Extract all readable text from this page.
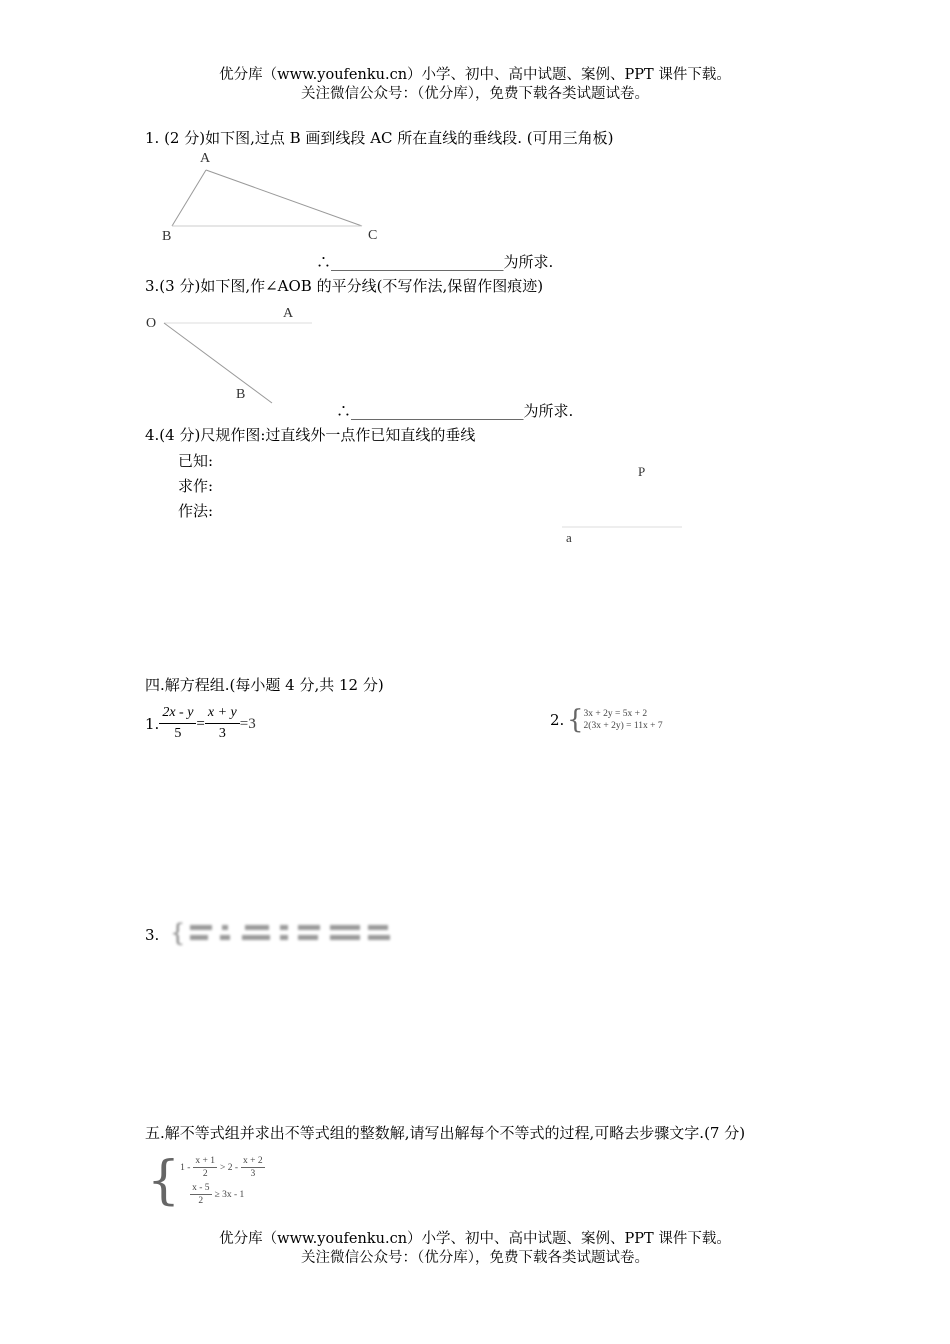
优分库（www.youfenku.cn）小学、初中、高中试题、案例、PPT 课件下载。
关注微信公众号：（优分库），免费下载各类试题试卷。
1. (2 分)如下图,过点 B 画到线段 AC 所在直线的垂线段. (可用三角板)
A
B	C
∴_______________________为所求.
3.(3 分)如下图,作∠AOB 的平分线(不写作法,保留作图痕迹)
O
A
B
∴_______________________为所求.
4.(4 分)尺规作图:过直线外一点作已知直线的垂线
已知:
求作:
作法:
P
a
四.解方程组.(每小题 4 分,共 12 分)
1. $\frac{2x - y}{5} = \frac{x + y}{3} =3$	2. { 3x + 2y = 5x + 2
2(3x + 2y) = 11x + 7
3. {
五.解不等式组并求出不等式组的整数解,请写出解每个不等式的过程,可略去步骤文字.(7 分)
{ $1 - \frac{x + 1}{2} > 2 - \frac{x + 2}{3}$
$\frac{x - 5}{2} \ge 3x - 1$
优分库（www.youfenku.cn）小学、初中、高中试题、案例、PPT 课件下载。
关注微信公众号：（优分库），免费下载各类试题试卷。
